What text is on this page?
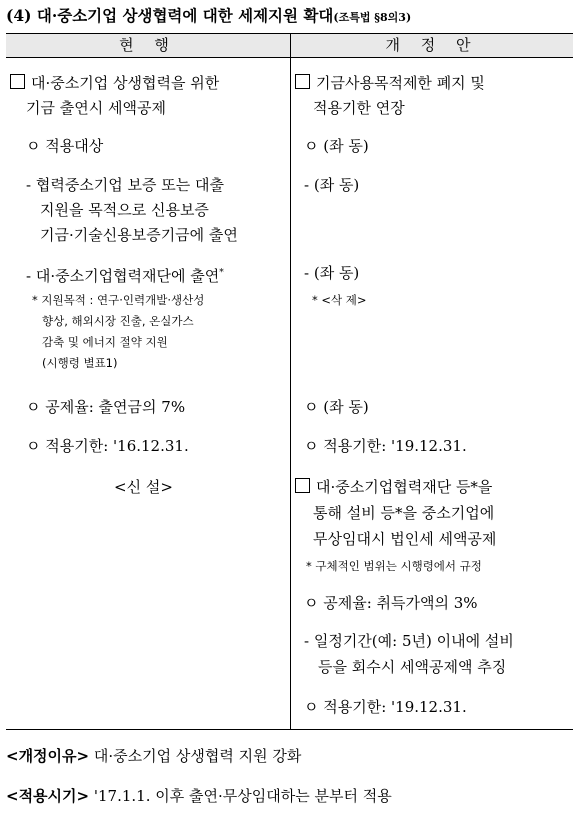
(4) 대·중소기업 상생협력에 대한 세제지원 확대(조특법 §8의3)
현 행	개 정 안
대·중소기업 상생협력을 위한
기금 출연시 세액공제
ㅇ 적용대상
- 협력중소기업 보증 또는 대출
지원을 목적으로 신용보증
기금·기술신용보증기금에 출연
- 대·중소기업협력재단에 출연*
* 지원목적 : 연구·인력개발·생산성
향상, 해외시장 진출, 온실가스
감축 및 에너지 절약 지원
(시행령 별표1)
ㅇ 공제율: 출연금의 7%
ㅇ 적용기한: '16.12.31.
<신 설>
기금사용목적제한 폐지 및
적용기한 연장
ㅇ (좌 동)
- (좌 동)
- (좌 동)
* <삭 제>
ㅇ (좌 동)
ㅇ 적용기한: '19.12.31.
대·중소기업협력재단 등*을
통해 설비 등*을 중소기업에
무상임대시 법인세 세액공제
* 구체적인 범위는 시행령에서 규정
ㅇ 공제율: 취득가액의 3%
- 일정기간(예: 5년) 이내에 설비
등을 회수시 세액공제액 추징
ㅇ 적용기한: '19.12.31.
<개정이유> 대·중소기업 상생협력 지원 강화
<적용시기> '17.1.1. 이후 출연·무상임대하는 분부터 적용
